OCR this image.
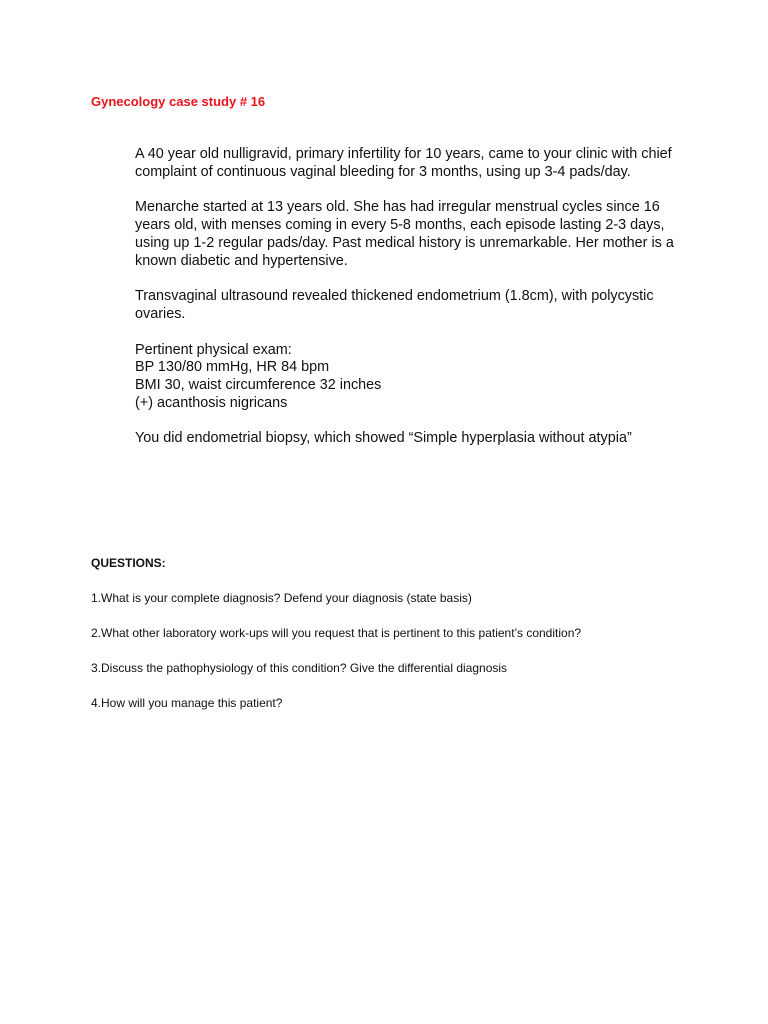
Gynecology case study # 16

A 40 year old nulligravid, primary infertility for 10 years, came to your clinic with chief complaint of continuous vaginal bleeding for 3 months, using up 3-4 pads/day.

Menarche started at 13 years old. She has had irregular menstrual cycles since 16 years old, with menses coming in every 5-8 months, each episode lasting 2-3 days, using up 1-2 regular pads/day. Past medical history is unremarkable. Her mother is a known diabetic and hypertensive.

Transvaginal ultrasound revealed thickened endometrium (1.8cm), with polycystic ovaries.

Pertinent physical exam:

BP 130/80 mmHg, HR 84 bpm

BMI 30, waist circumference 32 inches

(+) acanthosis nigricans

You did endometrial biopsy, which showed “Simple hyperplasia without atypia”

QUESTIONS:
1.What is your complete diagnosis? Defend your diagnosis (state basis)
2.What other laboratory work-ups will you request that is pertinent to this patient’s condition?
3.Discuss the pathophysiology of this condition? Give the differential diagnosis
4.How will you manage this patient?
